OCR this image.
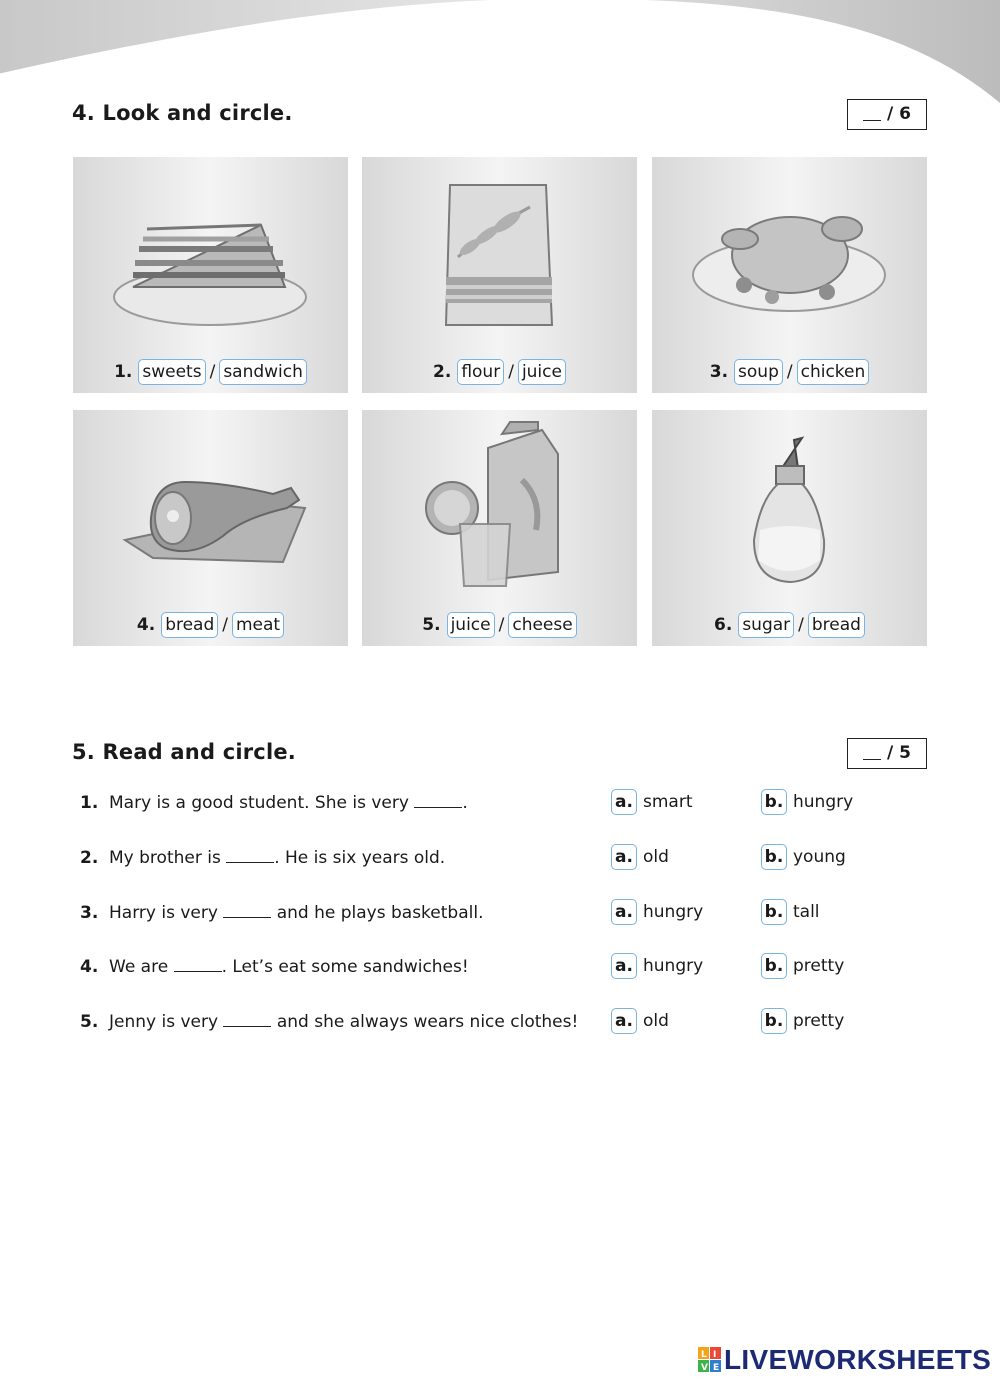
4. Look and circle.	/ 6
1. sweets / sandwich	2. flour / juice	3. soup / chicken
4. bread / meat	5. juice / cheese	6. sugar / bread
5. Read and circle.	/ 5
1. Mary is a good student. She is very	.	a. smart	b. hungry
2. My brother is	. He is six years old.	a. old	b. young
3. Harry is very	and he plays basketball.	a. hungry	b. tall
4. We are	. Let’s eat some sandwiches!	a. hungry	b. pretty
5. Jenny is very	and she always wears nice clothes! a. old	b. pretty
L I
V E LIVEWORKSHEETS
